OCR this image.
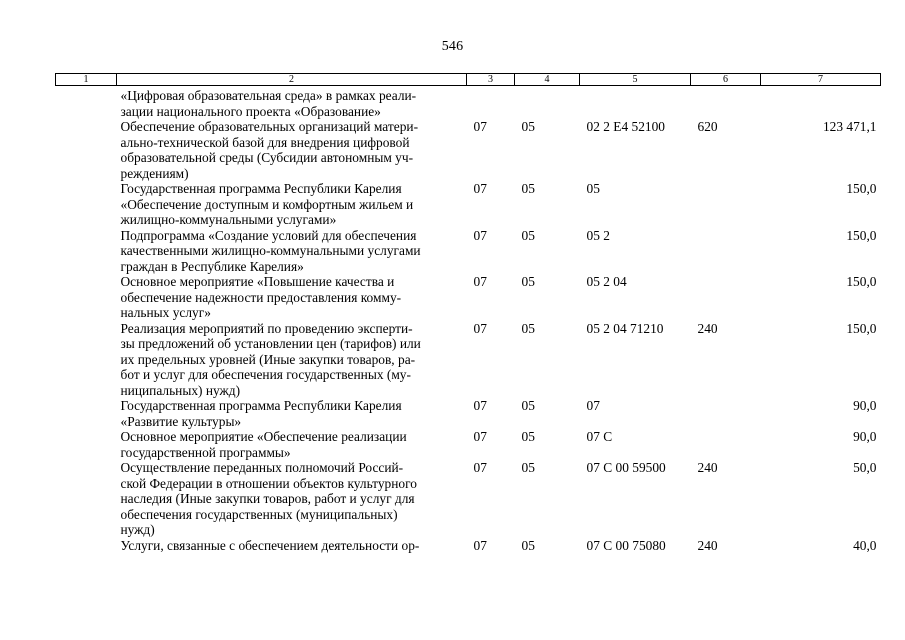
546
1	2	3	4	5	6	7

	«Цифровая образовательная среда» в рамках реали-
зации национального проекта «Образование»					

	Обеспечение образовательных организаций матери-
ально-технической базой для внедрения цифровой
образовательной среды (Субсидии автономным уч-
реждениям)	07	05	02 2 E4 52100	620	123 471,1

	Государственная программа Республики Карелия
«Обеспечение доступным и комфортным жильем и
жилищно-коммунальными услугами»	07	05	05		150,0

	Подпрограмма «Создание условий для обеспечения
качественными жилищно-коммунальными услугами
граждан в Республике Карелия»	07	05	05 2		150,0

	Основное мероприятие «Повышение качества и
обеспечение надежности предоставления комму-
нальных услуг»	07	05	05 2 04		150,0

	Реализация мероприятий по проведению эксперти-
зы предложений об установлении цен (тарифов) или
их предельных уровней (Иные закупки товаров, ра-
бот и услуг для обеспечения государственных (му-
ниципальных) нужд)	07	05	05 2 04 71210	240	150,0

	Государственная программа Республики Карелия
«Развитие культуры»	07	05	07		90,0

	Основное мероприятие «Обеспечение реализации
государственной программы»	07	05	07 С		90,0

	Осуществление переданных полномочий Россий-
ской Федерации в отношении объектов культурного
наследия (Иные закупки товаров, работ и услуг для
обеспечения государственных (муниципальных)
нужд)	07	05	07 С 00 59500	240	50,0

	Услуги, связанные с обеспечением деятельности ор-	07	05	07 С 00 75080	240	40,0
